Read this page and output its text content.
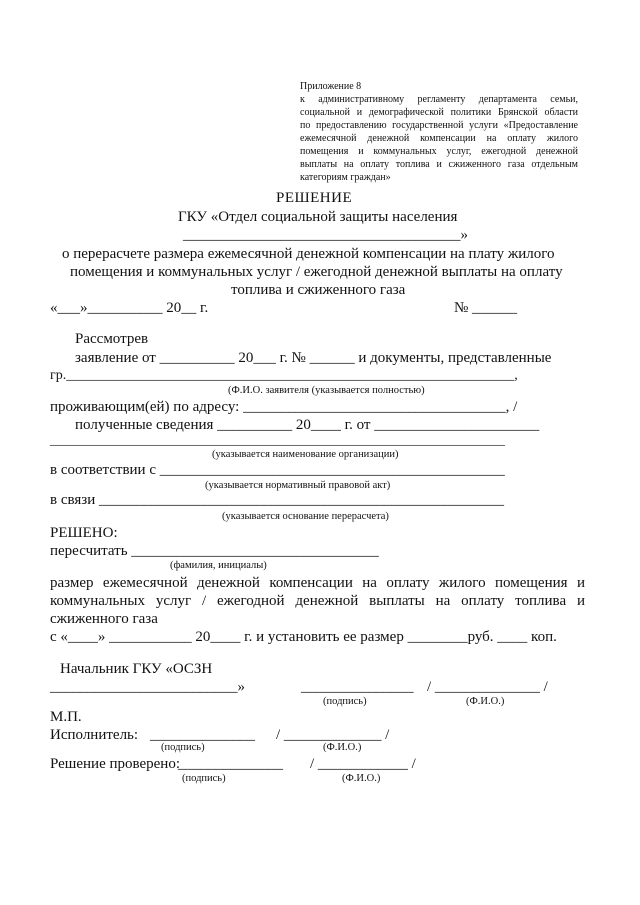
Приложение 8
к административному регламенту департамента семьи,
социальной и демографической политики Брянской области
по предоставлению государственной услуги «Предоставление
ежемесячной денежной компенсации на оплату жилого
помещения и коммунальных услуг, ежегодной денежной
выплаты на оплату топлива и сжиженного газа отдельным
категориям граждан»
РЕШЕНИЕ
ГКУ «Отдел социальной защиты населения
_____________________________________»
о перерасчете размера ежемесячной денежной компенсации на плату жилого
помещения и коммунальных услуг / ежегодной денежной выплаты на оплату
топлива и сжиженного газа
«___»__________ 20__ г.	№ ______
Рассмотрев
заявление от __________ 20___ г. № ______ и документы, представленные
гр.________________________________________________________________,
(Ф.И.О. заявителя (указывается полностью)
проживающим(ей) по адресу: ___________________________________, /
полученные сведения __________ 20____ г. от ______________________
______________________________________________________________________
(указывается наименование организации)
в соответствии с ______________________________________________
(указывается нормативный правовой акт)
в связи ______________________________________________________
(указывается основание перерасчета)
РЕШЕНО:
пересчитать _________________________________
(фамилия, инициалы)
размер ежемесячной денежной компенсации на оплату жилого помещения и
коммунальных услуг / ежегодной денежной выплаты на оплату топлива и
сжиженного газа
с «____» ___________ 20____ г. и установить ее размер ________руб. ____ коп.
Начальник ГКУ «ОСЗН
_________________________»	_______________ / ______________ /
(подпись)	(Ф.И.О.)
М.П.
Исполнитель: ______________ / _____________ /
(подпись)	(Ф.И.О.)
Решение проверено:
______________ / ____________ /
(подпись)	(Ф.И.О.)
